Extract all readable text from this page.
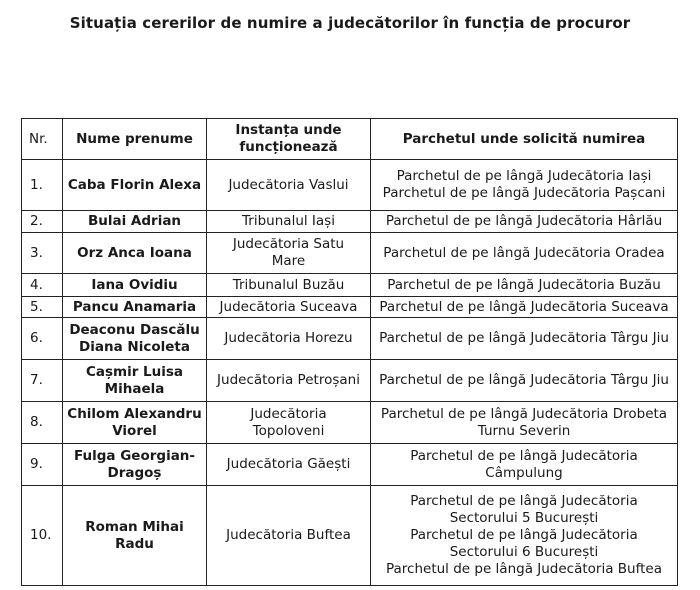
Situația cererilor de numire a judecătorilor în funcția de procuror
Nr.	Nume prenume	Instanța unde
funcționează	Parchetul unde solicită numirea
1.	Caba Florin Alexa	Judecătoria Vaslui	Parchetul de pe lângă Judecătoria Iași
Parchetul de pe lângă Judecătoria Pașcani

2.	Bulai Adrian	Tribunalul Iași	Parchetul de pe lângă Judecătoria Hârlău

3.	Orz Anca Ioana	Judecătoria Satu
Mare	Parchetul de pe lângă Judecătoria Oradea

4.	Iana Ovidiu	Tribunalul Buzău	Parchetul de pe lângă Judecătoria Buzău

5.	Pancu Anamaria	Judecătoria Suceava	Parchetul de pe lângă Judecătoria Suceava

6.	Deaconu Dascălu
Diana Nicoleta	Judecătoria Horezu	Parchetul de pe lângă Judecătoria Târgu Jiu

7.	Cașmir Luisa
Mihaela	Judecătoria Petroșani	Parchetul de pe lângă Judecătoria Târgu Jiu

8.	Chilom Alexandru
Viorel	Judecătoria
Topoloveni	Parchetul de pe lângă Judecătoria Drobeta
Turnu Severin

9.	Fulga Georgian-
Dragoș	Judecătoria Găești	Parchetul de pe lângă Judecătoria
Câmpulung

10.	Roman Mihai
Radu	Judecătoria Buftea	Parchetul de pe lângă Judecătoria
Sectorului 5 București
Parchetul de pe lângă Judecătoria
Sectorului 6 București
Parchetul de pe lângă Judecătoria Buftea
